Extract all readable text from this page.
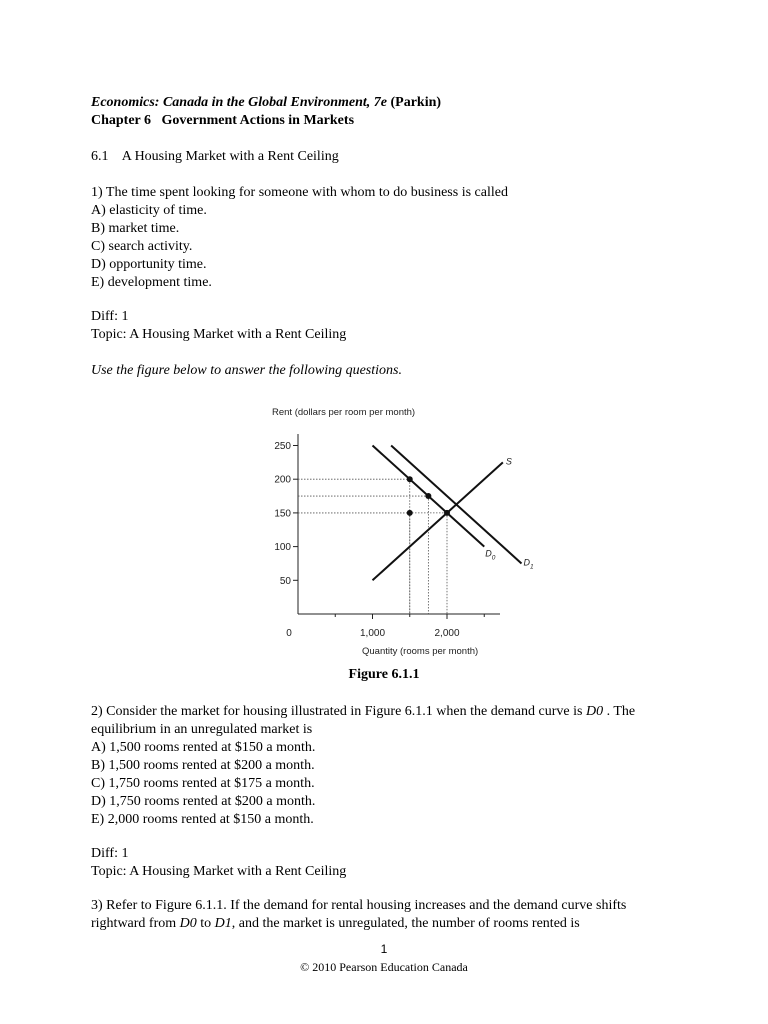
Economics: Canada in the Global Environment, 7e (Parkin)
Chapter 6 Government Actions in Markets
6.1 A Housing Market with a Rent Ceiling
1) The time spent looking for someone with whom to do business is called
A) elasticity of time.
B) market time.
C) search activity.
D) opportunity time.
E) development time.
Diff: 1
Topic: A Housing Market with a Rent Ceiling
Use the figure below to answer the following questions.
Rent (dollars per room per month)
250
200
150
100
50
0	1,000	2,000
Quantity (rooms per month)
S
$D_0$	$D_1$
Figure 6.1.1
2) Consider the market for housing illustrated in Figure 6.1.1 when the demand curve is D0 . The
equilibrium in an unregulated market is
A) 1,500 rooms rented at $150 a month.
B) 1,500 rooms rented at $200 a month.
C) 1,750 rooms rented at $175 a month.
D) 1,750 rooms rented at $200 a month.
E) 2,000 rooms rented at $150 a month.
Diff: 1
Topic: A Housing Market with a Rent Ceiling
3) Refer to Figure 6.1.1. If the demand for rental housing increases and the demand curve shifts
rightward from D0 to D1, and the market is unregulated, the number of rooms rented is
1
© 2010 Pearson Education Canada
